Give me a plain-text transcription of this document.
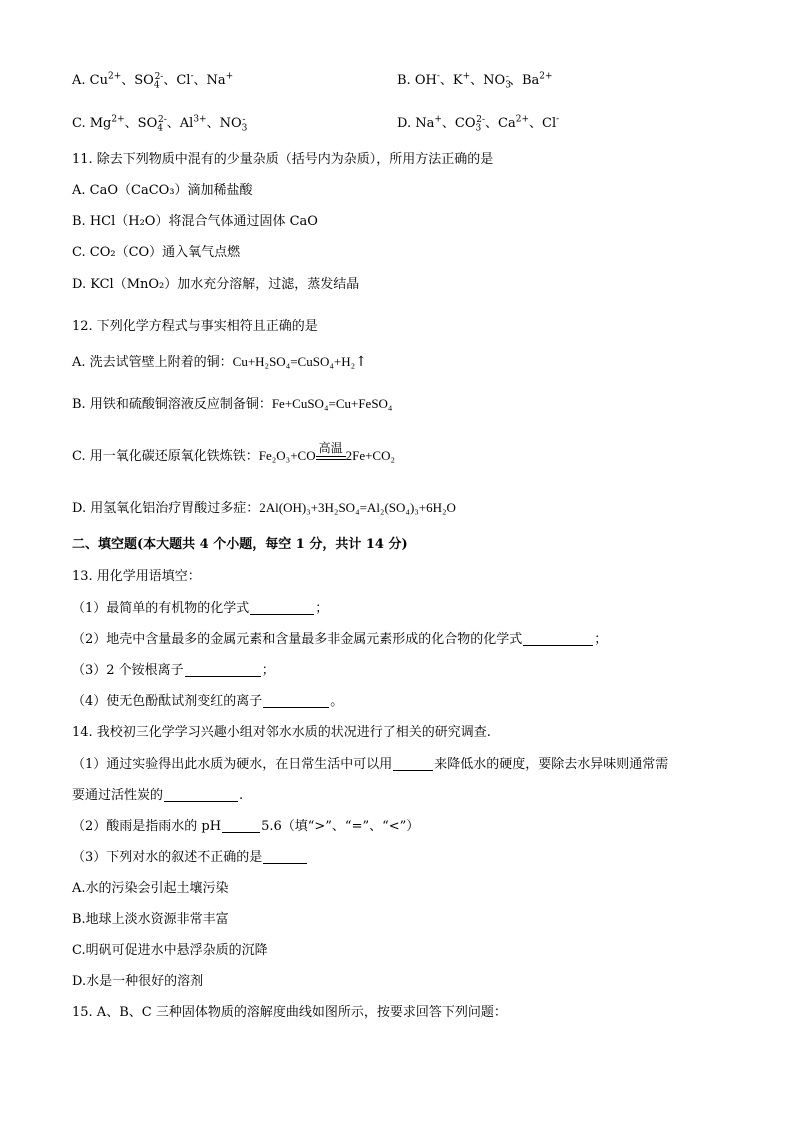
A. $Cu^{2+}$、$SO_4^{2-}$、Cl-、Na+	B. OH-、K+、$NO_3^-$、$Ba^{2+}$
C. $Mg^{2+}$、$SO_4^{2-}$、$Al^{3+}$、$NO_3^-$	D. Na+、$CO_3^{2-}$、$Ca^{2+}$、Cl-
11. 除去下列物质中混有的少量杂质（括号内为杂质），所用方法正确的是
A. CaO（CaCO₃）滴加稀盐酸
B. HCl（H₂O）将混合气体通过固体 CaO
C. CO₂（CO）通入氧气点燃
D. KCl（MnO₂）加水充分溶解，过滤，蒸发结晶
12. 下列化学方程式与事实相符且正确的是
A. 洗去试管壁上附着的铜：Cu+H₂SO₄=CuSO₄+H₂↑
B. 用铁和硫酸铜溶液反应制备铜：Fe+CuSO₄=Cu+FeSO₄
C. 用一氧化碳还原氧化铁炼铁：Fe₂O₃+CO 高温 2Fe+CO₂
D. 用氢氧化铝治疗胃酸过多症：2Al(OH)₃+3H₂SO₄=Al₂(SO₄)₃+6H₂O
二、填空题(本大题共 4 个小题，每空 1 分，共计 14 分)
13. 用化学用语填空：
（1）最简单的有机物的化学式	；
（2）地壳中含量最多的金属元素和含量最多非金属元素形成的化合物的化学式	；
（3）2 个铵根离子	；
（4）使无色酚酞试剂变红的离子	。
14. 我校初三化学学习兴趣小组对邻水水质的状况进行了相关的研究调查.
（1）通过实验得出此水质为硬水，在日常生活中可以用	来降低水的硬度，要除去水异味则通常需
要通过活性炭的	.
（2）酸雨是指雨水的 pH	5.6（填“>”、“=”、“<”）
（3）下列对水的叙述不正确的是
A.水的污染会引起土壤污染
B.地球上淡水资源非常丰富
C.明矾可促进水中悬浮杂质的沉降
D.水是一种很好的溶剂
15. A、B、C 三种固体物质的溶解度曲线如图所示，按要求回答下列问题：
